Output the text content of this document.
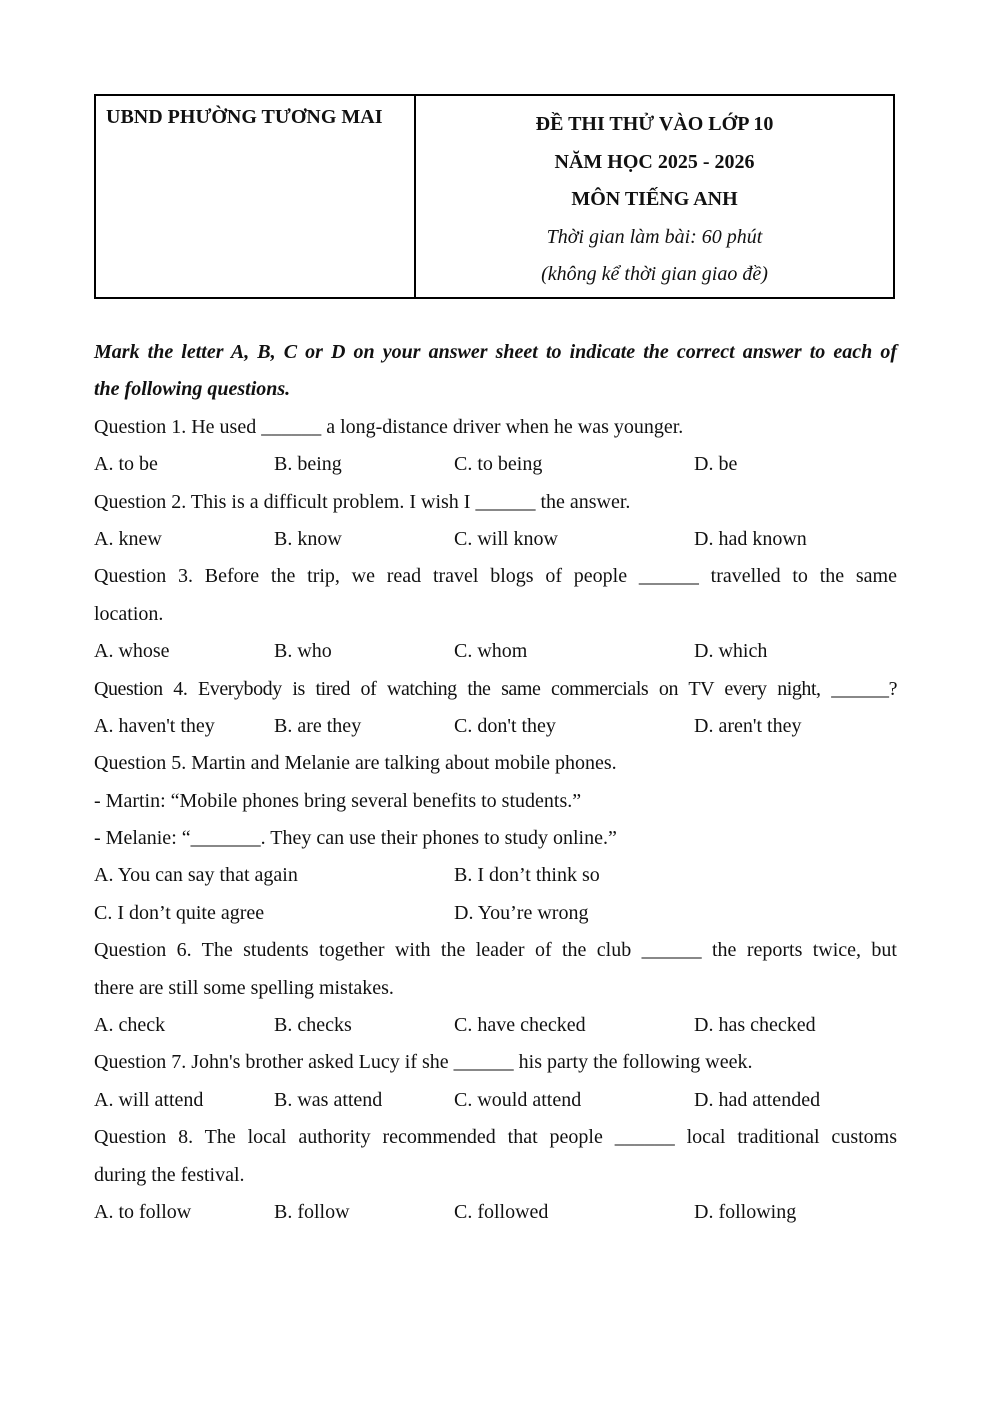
UBND PHƯỜNG TƯƠNG MAI	ĐỀ THI THỬ VÀO LỚP 10
NĂM HỌC 2025 - 2026
MÔN TIẾNG ANH
Thời gian làm bài: 60 phút
(không kể thời gian giao đề)
Mark the letter A, B, C or D on your answer sheet to indicate the correct answer to each of
the following questions.
Question 1. He used ______ a long-distance driver when he was younger.
A. to be	B. being	C. to being	D. be
Question 2. This is a difficult problem. I wish I ______ the answer.
A. knew	B. know	C. will know	D. had known
Question 3. Before the trip, we read travel blogs of people ______ travelled to the same
location.
A. whose	B. who	C. whom	D. which
Question 4. Everybody is tired of watching the same commercials on TV every night, ______?
A. haven't they	B. are they	C. don't they	D. aren't they
Question 5. Martin and Melanie are talking about mobile phones.
- Martin: “Mobile phones bring several benefits to students.”
- Melanie: “_______. They can use their phones to study online.”
A. You can say that again	B. I don’t think so
C. I don’t quite agree	D. You’re wrong
Question 6. The students together with the leader of the club ______ the reports twice, but
there are still some spelling mistakes.
A. check	B. checks	C. have checked	D. has checked
Question 7. John's brother asked Lucy if she ______ his party the following week.
A. will attend	B. was attend	C. would attend	D. had attended
Question 8. The local authority recommended that people ______ local traditional customs
during the festival.
A. to follow	B. follow	C. followed	D. following
